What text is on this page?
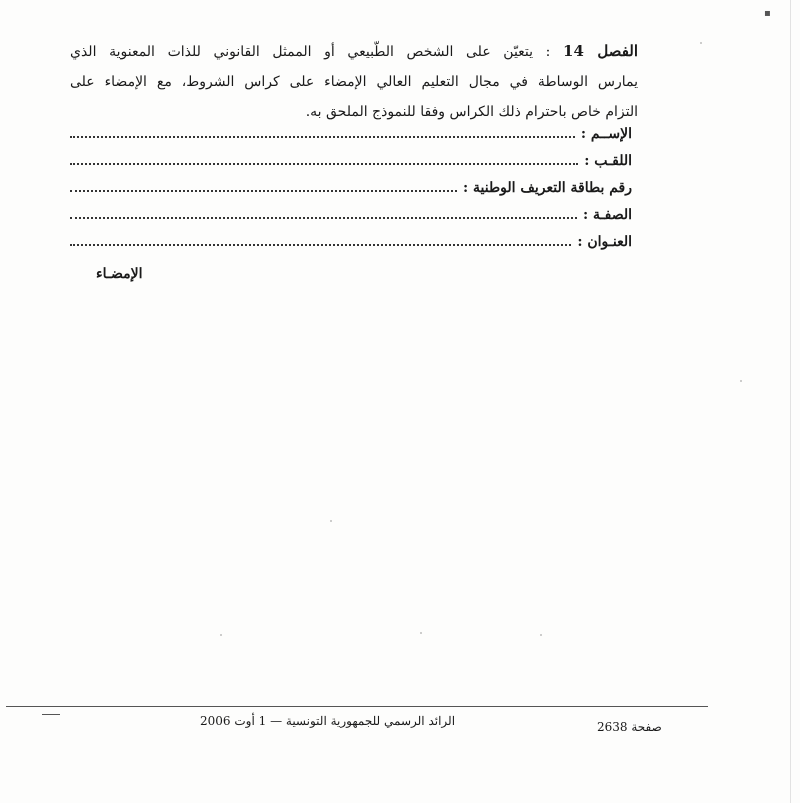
▪
الفصل 14 : يتعيّن على الشخص الطّبيعي أو الممثل القانوني للذات المعنوية الذي
يمارس الوساطة في مجال التعليم العالي الإمضاء على كراس الشروط، مع الإمضاء على
التزام خاص باحترام ذلك الكراس وفقا للنموذج الملحق به.
الإســم :
اللقـب :
رقم بطاقة التعريف الوطنية :
الصفـة :
العنـوان :
الإمضـاء
الرائد الرسمي للجمهورية التونسية — 1 أوت 2006	صفحة 2638
